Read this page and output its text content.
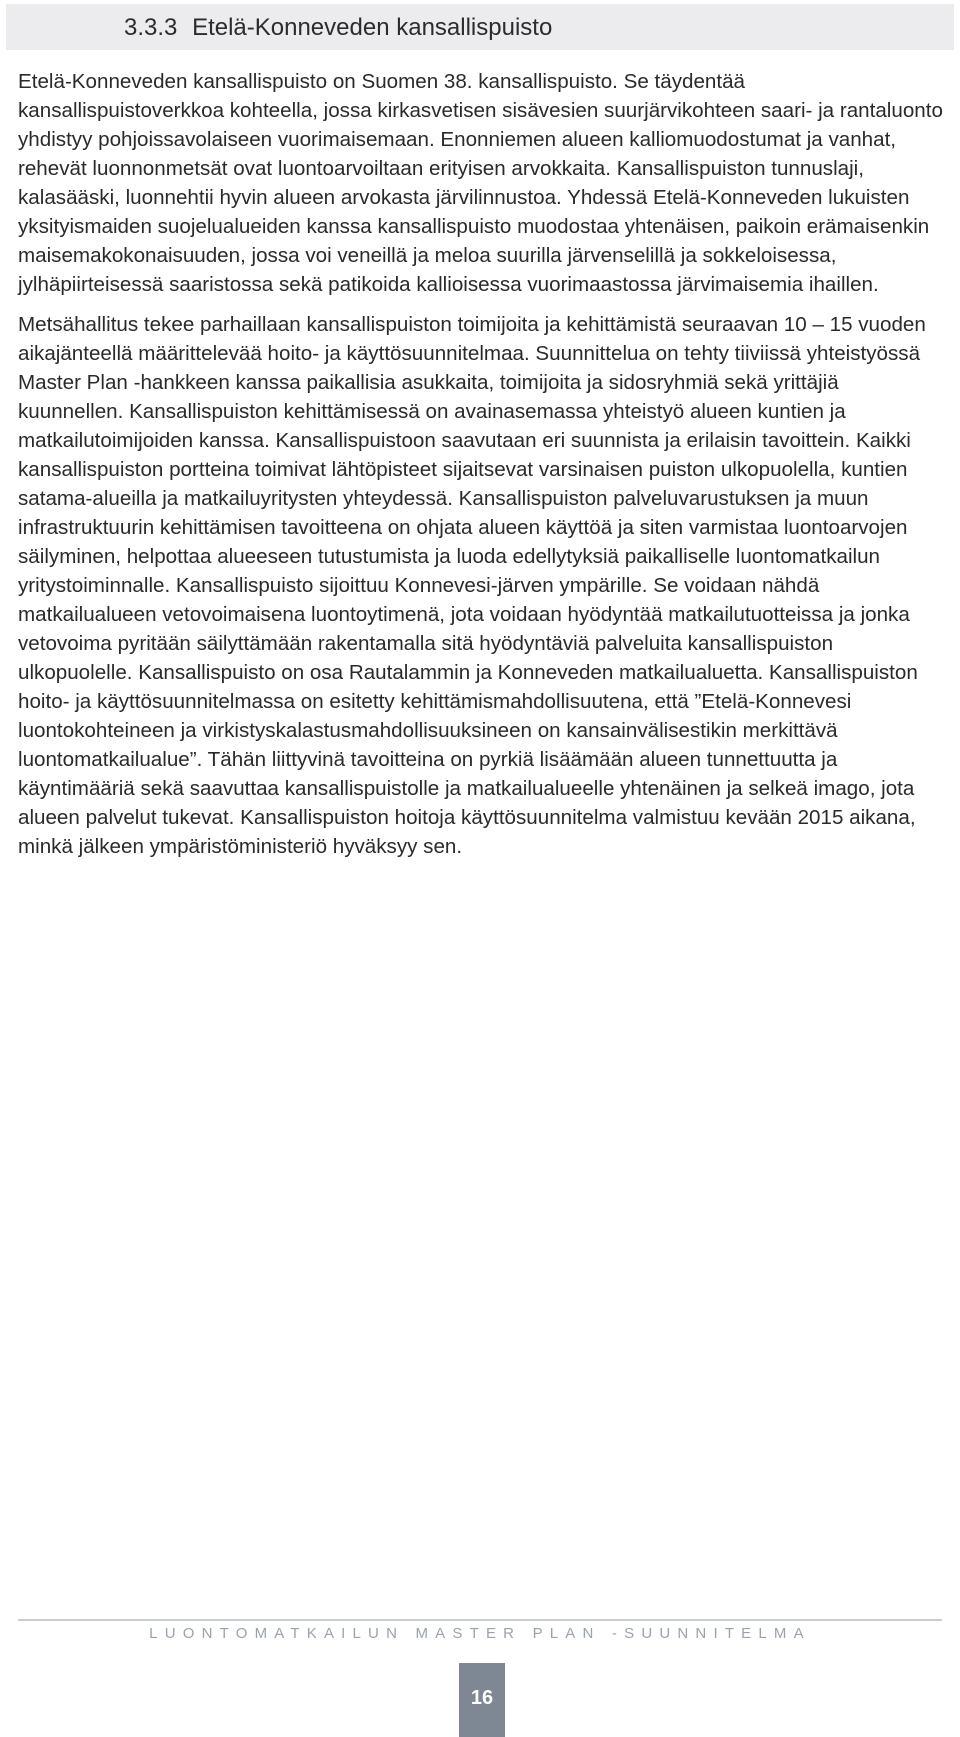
3.3.3 Etelä-Konneveden kansallispuisto

Etelä-Konneveden kansallispuisto on Suomen 38. kansallispuisto. Se täydentää kansallispuistoverkkoa kohteella, jossa kirkasvetisen sisävesien suurjärvikohteen saari- ja rantaluonto yhdistyy pohjoissavolaiseen vuorimaisemaan. Enonniemen alueen kalliomuodostumat ja vanhat, rehevät luonnonmetsät ovat luontoarvoiltaan erityisen arvokkaita. Kansallispuiston tunnuslaji, kalasääski, luonnehtii hyvin alueen arvokasta järvilinnustoa. Yhdessä Etelä-Konneveden lukuisten yksityismaiden suojelualueiden kanssa kansallispuisto muodostaa yhtenäisen, paikoin erämaisenkin maisemakokonaisuuden, jossa voi veneillä ja meloa suurilla järvenselillä ja sokkeloisessa, jylhäpiirteisessä saaristossa sekä patikoida kallioisessa vuorimaastossa järvimaisemia ihaillen.

Metsähallitus tekee parhaillaan kansallispuiston toimijoita ja kehittämistä seuraavan 10 – 15 vuoden aikajänteellä määrittelevää hoito- ja käyttösuunnitelmaa. Suunnittelua on tehty tiiviissä yhteistyössä Master Plan -hankkeen kanssa paikallisia asukkaita, toimijoita ja sidosryhmiä sekä yrittäjiä kuunnellen. Kansallispuiston kehittämisessä on avainasemassa yhteistyö alueen kuntien ja matkailutoimijoiden kanssa. Kansallispuistoon saavutaan eri suunnista ja erilaisin tavoittein. Kaikki kansallispuiston portteina toimivat lähtöpisteet sijaitsevat varsinaisen puiston ulkopuolella, kuntien satama-alueilla ja matkailuyritysten yhteydessä. Kansallispuiston palveluvarustuksen ja muun infrastruktuurin kehittämisen tavoitteena on ohjata alueen käyttöä ja siten varmistaa luontoarvojen säilyminen, helpottaa alueeseen tutustumista ja luoda edellytyksiä paikalliselle luontomatkailun yritystoiminnalle. Kansallispuisto sijoittuu Konnevesi-järven ympärille. Se voidaan nähdä matkailualueen vetovoimaisena luontoytimenä, jota voidaan hyödyntää matkailutuotteissa ja jonka vetovoima pyritään säilyttämään rakentamalla sitä hyödyntäviä palveluita kansallispuiston ulkopuolelle. Kansallispuisto on osa Rautalammin ja Konneveden matkailualuetta. Kansallispuiston hoito- ja käyttösuunnitelmassa on esitetty kehittämismahdollisuutena, että ”Etelä-Konnevesi luontokohteineen ja virkistyskalastusmahdollisuuksineen on kansainvälisestikin merkittävä luontomatkailualue”. Tähän liittyvinä tavoitteina on pyrkiä lisäämään alueen tunnettuutta ja käyntimääriä sekä saavuttaa kansallispuistolle ja matkailualueelle yhtenäinen ja selkeä imago, jota alueen palvelut tukevat. Kansallispuiston hoitoja käyttösuunnitelma valmistuu kevään 2015 aikana, minkä jälkeen ympäristöministeriö hyväksyy sen.

LUONTOMATKAILUN MASTER PLAN -SUUNNITELMA
16
